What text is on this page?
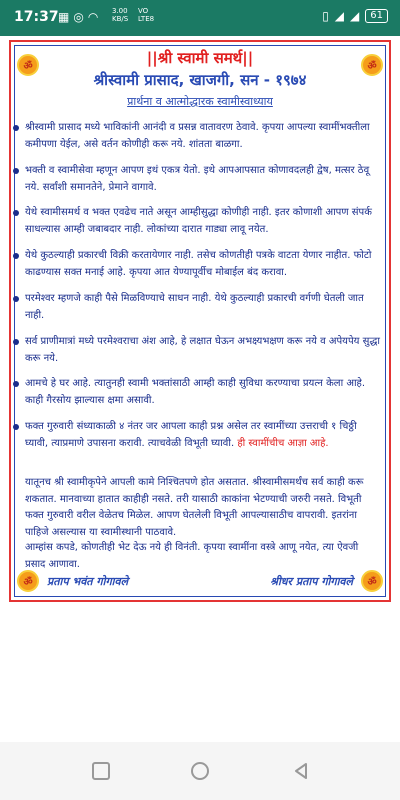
17:37 ▦ ◎ ◠ 3.00
KB/S
VO
LTE8	▯ ◢ ◢	61
ॐ	ॐ
||श्री स्वामी समर्थ||
श्रीस्वामी प्रासाद, खाजगी, सन - १९७४
प्रार्थना व आत्मोद्धारक स्वामीस्वाध्याय
श्रीस्वामी प्रासाद मध्ये भाविकांनी आनंदी व प्रसन्न वातावरण ठेवावे. कृपया आपल्या स्वामींभक्तीला कमीपणा येईल, असे वर्तन कोणीही करू नये. शांतता बाळगा.
भक्ती व स्वामीसेवा म्हणून आपण इथं एकत्र येतो. इथे आपआपसात कोणावदलही द्वेष, मत्सर ठेवू नये. सर्वांशी समानतेने, प्रेमाने वागावे.
येथे स्वामीसमर्थ व भक्त एवढेच नाते असून आम्हीसुद्धा कोणीही नाही. इतर कोणाशी आपण संपर्क साधल्यास आम्ही जबाबदार नाही. लोकांच्या दारात गाड्या लावू नयेत.
येथे कुठल्याही प्रकारची विक्री करतायेणार नाही. तसेच कोणतीही पत्रके वाटता येणार नाहीत. फोटो काढण्यास सक्त मनाई आहे. कृपया आत येण्यापूर्वीच मोबाईल बंद करावा.
परमेश्वर म्हणजे काही पैसे मिळविण्याचे साधन नाही. येथे कुठल्याही प्रकारची वर्गणी घेतली जात नाही.
सर्व प्राणीमात्रां मध्ये परमेश्वराचा अंश आहे, हे लक्षात घेऊन अभक्ष्यभक्षण करू नये व अपेयपेय सुद्धा करू नये.
आमचे हे घर आहे. त्यातुनही स्वामी भक्तांसाठी आम्ही काही सुविधा करण्याचा प्रयत्न केला आहे. काही गैरसोय झाल्यास क्षमा असावी.
फक्त गुरुवारी संध्याकाळी ४ नंतर जर आपला काही प्रश्न असेल तर स्वामींच्या उत्तराची १ चिठ्ठी घ्यावी, त्याप्रमाणे उपासना करावी. त्याचवेळी विभूती घ्यावी. ही स्वामींचीच आज्ञा आहे.
यातूनच श्री स्वामीकृपेने आपली कामे निश्चितपणे होत असतात. श्रीस्वामीसमर्थंच सर्व काही करू शकतात. मानवाच्या हातात काहीही नसते. तरी यासाठी काकांना भेटण्याची जरुरी नसते. विभूती फक्त गुरुवारी वरील वेळेतच मिळेल. आपण घेतलेली विभूती आपल्यासाठीच वापरावी. इतरांना पाहिजे असल्यास या स्वामीस्थानी पाठवावे.
आम्हांस कपडे, कोणतीही भेट देऊ नये ही विनंती. कृपया स्वामींना वस्त्रे आणू नयेत, त्या ऐवजी प्रसाद आणावा.
ॐ	ॐ
प्रताप भवंत गोगावले	श्रीधर प्रताप गोगावले
